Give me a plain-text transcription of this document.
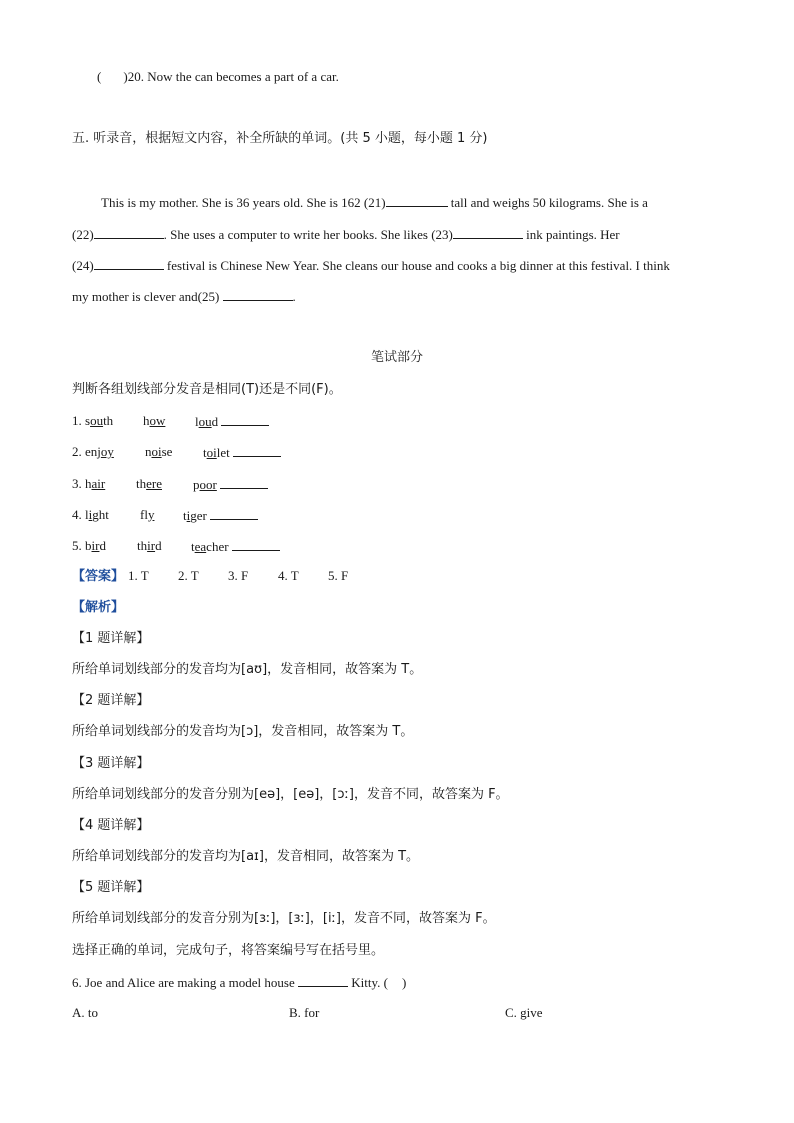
( )20. Now the can becomes a part of a car.
五. 听录音，根据短文内容，补全所缺的单词。(共 5 小题，每小题 1 分)
This is my mother. She is 36 years old. She is 162 (21)	tall and weighs 50 kilograms. She is a
(22)	. She uses a computer to write her books. She likes (23)	ink paintings. Her
(24)	festival is Chinese New Year. She cleans our house and cooks a big dinner at this festival. I think
my mother is clever and(25)	.
笔试部分
判断各组划线部分发音是相同(T)还是不同(F)。
1. south how loud
2. enjoy noise toilet
3. hair there poor
4. light fly tiger
5. bird third teacher
【答案】 1. T 2. T 3. F 4. T 5. F
【解析】
【1 题详解】
所给单词划线部分的发音均为[aʊ]，发音相同，故答案为 T。
【2 题详解】
所给单词划线部分的发音均为[ɔ]，发音相同，故答案为 T。
【3 题详解】
所给单词划线部分的发音分别为[eə]，[eə]，[ɔː]，发音不同，故答案为 F。
【4 题详解】
所给单词划线部分的发音均为[aɪ]，发音相同，故答案为 T。
【5 题详解】
所给单词划线部分的发音分别为[ɜː]，[ɜː]，[iː]，发音不同，故答案为 F。
选择正确的单词，完成句子，将答案编号写在括号里。
6. Joe and Alice are making a model house	Kitty. ( )
A. to	B. for	C. give
